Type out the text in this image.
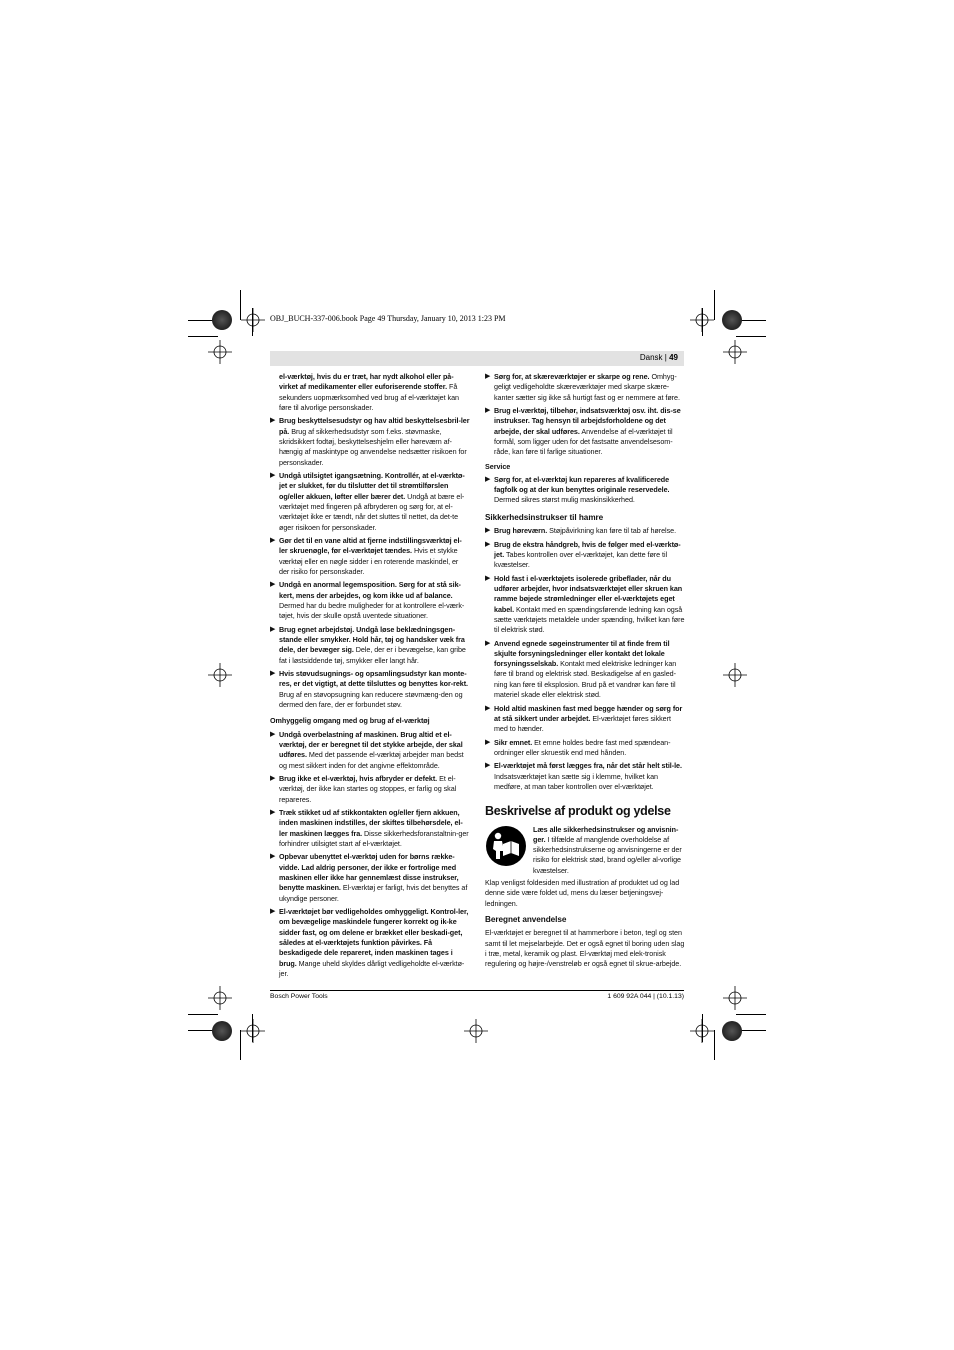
OBJ_BUCH-337-006.book Page 49 Thursday, January 10, 2013 1:23 PM
Dansk | 49
el-værktøj, hvis du er træt, har nydt alkohol eller på-virket af medikamenter eller euforiserende stoffer. Få sekunders uopmærksomhed ved brug af el-værktøjet kan føre til alvorlige personskader.
▶ Brug beskyttelsesudstyr og hav altid beskyttelsesbril-ler på. Brug af sikkerhedsudstyr som f.eks. støvmaske, skridsikkert fodtøj, beskyttelseshjelm eller høreværn af-hængig af maskintype og anvendelse nedsætter risikoen for personskader.
▶ Undgå utilsigtet igangsætning. Kontrollér, at el-værktø-jet er slukket, før du tilslutter det til strømtilførslen og/eller akkuen, løfter eller bærer det. Undgå at bære el-værktøjet med fingeren på afbryderen og sørg for, at el-værktøjet ikke er tændt, når det sluttes til nettet, da det-te øger risikoen for personskader.
▶ Gør det til en vane altid at fjerne indstillingsværktøj el-ler skruenøgle, før el-værktøjet tændes. Hvis et stykke værktøj eller en nøgle sidder i en roterende maskindel, er der risiko for personskader.
▶ Undgå en anormal legemsposition. Sørg for at stå sik-kert, mens der arbejdes, og kom ikke ud af balance. Dermed har du bedre muligheder for at kontrollere el-værk-tøjet, hvis der skulle opstå uventede situationer.
▶ Brug egnet arbejdstøj. Undgå løse beklædningsgen-stande eller smykker. Hold hår, tøj og handsker væk fra dele, der bevæger sig. Dele, der er i bevægelse, kan gribe fat i løstsiddende tøj, smykker eller langt hår.
▶ Hvis støvudsugnings- og opsamlingsudstyr kan monte-res, er det vigtigt, at dette tilsluttes og benyttes kor-rekt. Brug af en støvopsugning kan reducere støvmæng-den og dermed den fare, der er forbundet støv.
Omhyggelig omgang med og brug af el-værktøj
▶ Undgå overbelastning af maskinen. Brug altid et el-værktøj, der er beregnet til det stykke arbejde, der skal udføres. Med det passende el-værktøj arbejder man bedst og mest sikkert inden for det angivne effektområde.
▶ Brug ikke et el-værktøj, hvis afbryder er defekt. Et el-værktøj, der ikke kan startes og stoppes, er farlig og skal repareres.
▶ Træk stikket ud af stikkontakten og/eller fjern akkuen, inden maskinen indstilles, der skiftes tilbehørsdele, el-ler maskinen lægges fra. Disse sikkerhedsforanstaltnin-ger forhindrer utilsigtet start af el-værktøjet.
▶ Opbevar ubenyttet el-værktøj uden for børns række-vidde. Lad aldrig personer, der ikke er fortrolige med maskinen eller ikke har gennemlæst disse instrukser, benytte maskinen. El-værktøj er farligt, hvis det benyttes af ukyndige personer.
▶ El-værktøjet bør vedligeholdes omhyggeligt. Kontrol-ler, om bevægelige maskindele fungerer korrekt og ik-ke sidder fast, og om delene er brækket eller beskadi-get, således at el-værktøjets funktion påvirkes. Få beskadigede dele repareret, inden maskinen tages i brug. Mange uheld skyldes dårligt vedligeholdte el-værktø-jer.
▶ Sørg for, at skæreværktøjer er skarpe og rene. Omhyg-geligt vedligeholdte skæreværktøjer med skarpe skære-kanter sætter sig ikke så hurtigt fast og er nemmere at føre.
▶ Brug el-værktøj, tilbehør, indsatsværktøj osv. iht. dis-se instrukser. Tag hensyn til arbejdsforholdene og det arbejde, der skal udføres. Anvendelse af el-værktøjet til formål, som ligger uden for det fastsatte anvendelsesom-råde, kan føre til farlige situationer.
Service
▶ Sørg for, at el-værktøj kun repareres af kvalificerede fagfolk og at der kun benyttes originale reservedele. Dermed sikres størst mulig maskinsikkerhed.
Sikkerhedsinstrukser til hamre
▶ Brug høreværn. Støjpåvirkning kan føre til tab af hørelse.
▶ Brug de ekstra håndgreb, hvis de følger med el-værktø-jet. Tabes kontrollen over el-værktøjet, kan dette føre til kvæstelser.
▶ Hold fast i el-værktøjets isolerede gribeflader, når du udfører arbejder, hvor indsatsværktøjet eller skruen kan ramme bøjede strømledninger eller el-værktøjets eget kabel. Kontakt med en spændingsførende ledning kan også sætte værktøjets metaldele under spænding, hvilket kan føre til elektrisk stød.
▶ Anvend egnede søgeinstrumenter til at finde frem til skjulte forsyningsledninger eller kontakt det lokale forsyningsselskab. Kontakt med elektriske ledninger kan føre til brand og elektrisk stød. Beskadigelse af en gasled-ning kan føre til eksplosion. Brud på et vandrør kan føre til materiel skade eller elektrisk stød.
▶ Hold altid maskinen fast med begge hænder og sørg for at stå sikkert under arbejdet. El-værktøjet føres sikkert med to hænder.
▶ Sikr emnet. Et emne holdes bedre fast med spændean-ordninger eller skruestik end med hånden.
▶ El-værktøjet må først lægges fra, når det står helt stil-le. Indsatsværktøjet kan sætte sig i klemme, hvilket kan medføre, at man taber kontrollen over el-værktøjet.
Beskrivelse af produkt og ydelse
Læs alle sikkerhedsinstrukser og anvisnin-ger. I tilfælde af manglende overholdelse af sikkerhedsinstrukserne og anvisningerne er der risiko for elektrisk stød, brand og/eller al-vorlige kvæstelser.

Klap venligst foldesiden med illustration af produktet ud og lad denne side være foldet ud, mens du læser betjeningsvej-ledningen.

Beregnet anvendelse

El-værktøjet er beregnet til at hammerbore i beton, tegl og sten samt til let mejselarbejde. Det er også egnet til boring uden slag i træ, metal, keramik og plast. El-værktøj med elek-tronisk regulering og højre-/venstreløb er også egnet til skrue-arbejde.

Bosch Power Tools	1 609 92A 044 | (10.1.13)
